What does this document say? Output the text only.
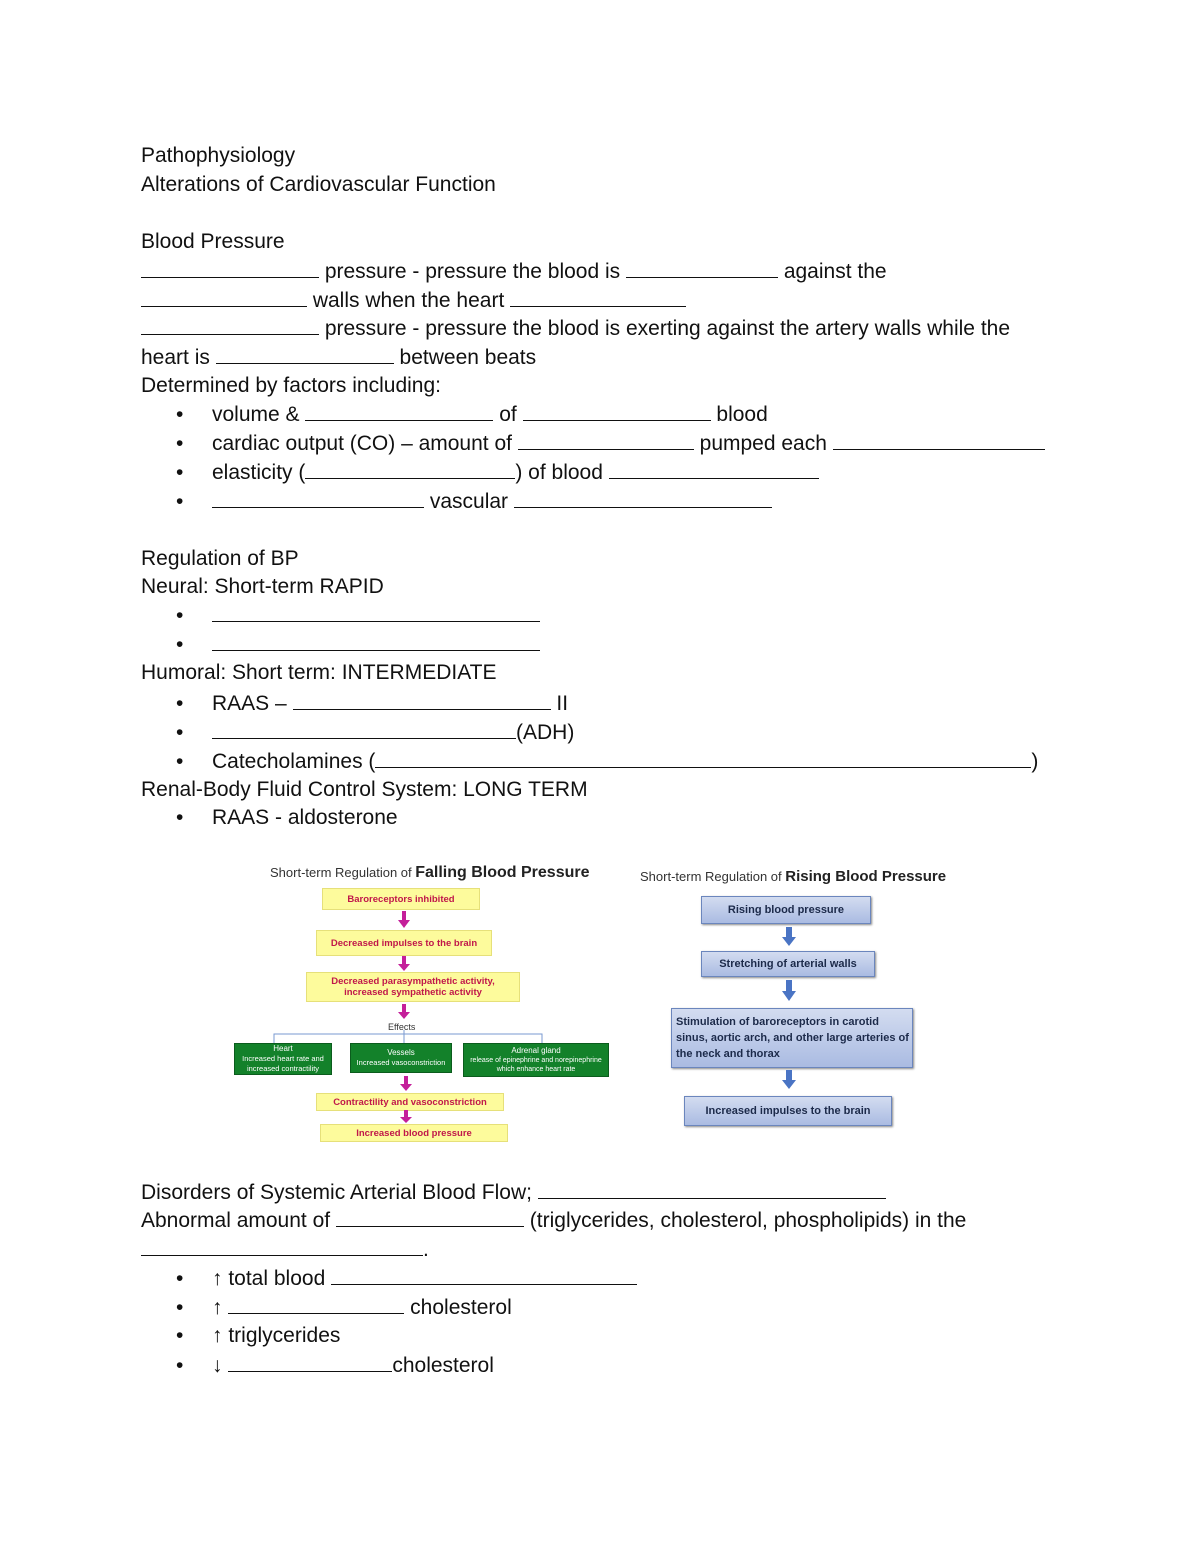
Pathophysiology
Alterations of Cardiovascular Function
Blood Pressure
pressure - pressure the blood is	against the
walls when the heart
pressure - pressure the blood is exerting against the artery walls while the
heart is	between beats
Determined by factors including:
• volume &	of	blood
• cardiac output (CO) – amount of	pumped each
• elasticity (	) of blood
•	vascular
Regulation of BP
Neural: Short-term RAPID
•
•
Humoral: Short term: INTERMEDIATE
• RAAS –	II
•	(ADH)
• Catecholamines (	)
Renal-Body Fluid Control System: LONG TERM
• RAAS - aldosterone
Short-term Regulation of Falling Blood Pressure
Baroreceptors inhibited
Decreased impulses to the brain
Decreased parasympathetic activity, increased sympathetic activity
Effects
Heart
Increased heart rate and increased contractility
Vessels
Increased vasoconstriction
Adrenal gland
release of epinephrine and norepinephrine which enhance heart rate
Contractility and vasoconstriction
Increased blood pressure
Short-term Regulation of Rising Blood Pressure
Rising blood pressure
Stretching of arterial walls
Stimulation of baroreceptors in carotid sinus, aortic arch, and other large arteries of the neck and thorax
Increased impulses to the brain
Disorders of Systemic Arterial Blood Flow;
Abnormal amount of	(triglycerides, cholesterol, phospholipids) in the
.
• ↑ total blood
• ↑	cholesterol
• ↑ triglycerides
• ↓	cholesterol
